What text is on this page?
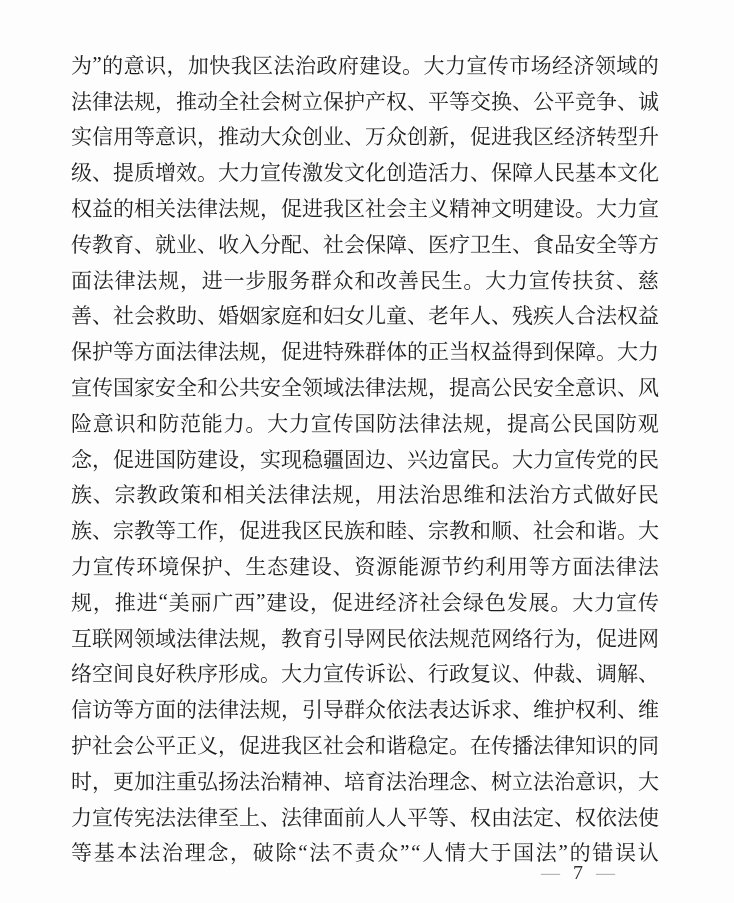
为 ” 的 意 识 ， 加 快 我 区 法 治 政 府 建 设 。 大 力 宣 传 市 场 经 济 领 域 的
法 律 法 规 ， 推 动 全 社 会 树 立 保 护 产 权 、 平 等 交 换 、 公 平 竞 争 、 诚
实 信 用 等 意 识 ， 推 动 大 众 创 业 、 万 众 创 新 ， 促 进 我 区 经 济 转 型 升
级 、 提 质 增 效 。 大 力 宣 传 激 发 文 化 创 造 活 力 、 保 障 人 民 基 本 文 化
权 益 的 相 关 法 律 法 规 ， 促 进 我 区 社 会 主 义 精 神 文 明 建 设 。 大 力 宣
传 教 育 、 就 业 、 收 入 分 配 、 社 会 保 障 、 医 疗 卫 生 、 食 品 安 全 等 方
面 法 律 法 规 ， 进 一 步 服 务 群 众 和 改 善 民 生 。 大 力 宣 传 扶 贫 、 慈
善 、 社 会 救 助 、 婚 姻 家 庭 和 妇 女 儿 童 、 老 年 人 、 残 疾 人 合 法 权 益
保 护 等 方 面 法 律 法 规 ， 促 进 特 殊 群 体 的 正 当 权 益 得 到 保 障 。 大 力
宣 传 国 家 安 全 和 公 共 安 全 领 域 法 律 法 规 ， 提 高 公 民 安 全 意 识 、 风
险 意 识 和 防 范 能 力 。 大 力 宣 传 国 防 法 律 法 规 ， 提 高 公 民 国 防 观
念 ， 促 进 国 防 建 设 ， 实 现 稳 疆 固 边 、 兴 边 富 民 。 大 力 宣 传 党 的 民
族 、 宗 教 政 策 和 相 关 法 律 法 规 ， 用 法 治 思 维 和 法 治 方 式 做 好 民
族 、 宗 教 等 工 作 ， 促 进 我 区 民 族 和 睦 、 宗 教 和 顺 、 社 会 和 谐 。 大
力 宣 传 环 境 保 护 、 生 态 建 设 、 资 源 能 源 节 约 利 用 等 方 面 法 律 法
规 ， 推 进 “ 美 丽 广 西 ” 建 设 ， 促 进 经 济 社 会 绿 色 发 展 。 大 力 宣 传
互 联 网 领 域 法 律 法 规 ， 教 育 引 导 网 民 依 法 规 范 网 络 行 为 ， 促 进 网
络 空 间 良 好 秩 序 形 成 。 大 力 宣 传 诉 讼 、 行 政 复 议 、 仲 裁 、 调 解 、
信 访 等 方 面 的 法 律 法 规 ， 引 导 群 众 依 法 表 达 诉 求 、 维 护 权 利 、 维
护 社 会 公 平 正 义 ， 促 进 我 区 社 会 和 谐 稳 定 。 在 传 播 法 律 知 识 的 同
时 ， 更 加 注 重 弘 扬 法 治 精 神 、 培 育 法 治 理 念 、 树 立 法 治 意 识 ， 大
力 宣 传 宪 法 法 律 至 上 、 法 律 面 前 人 人 平 等 、 权 由 法 定 、 权 依 法 使
等 基 本 法 治 理 念 ， 破 除 “ 法 不 责 众 ” “ 人 情 大 于 国 法 ” 的 错 误 认
— 7 —
